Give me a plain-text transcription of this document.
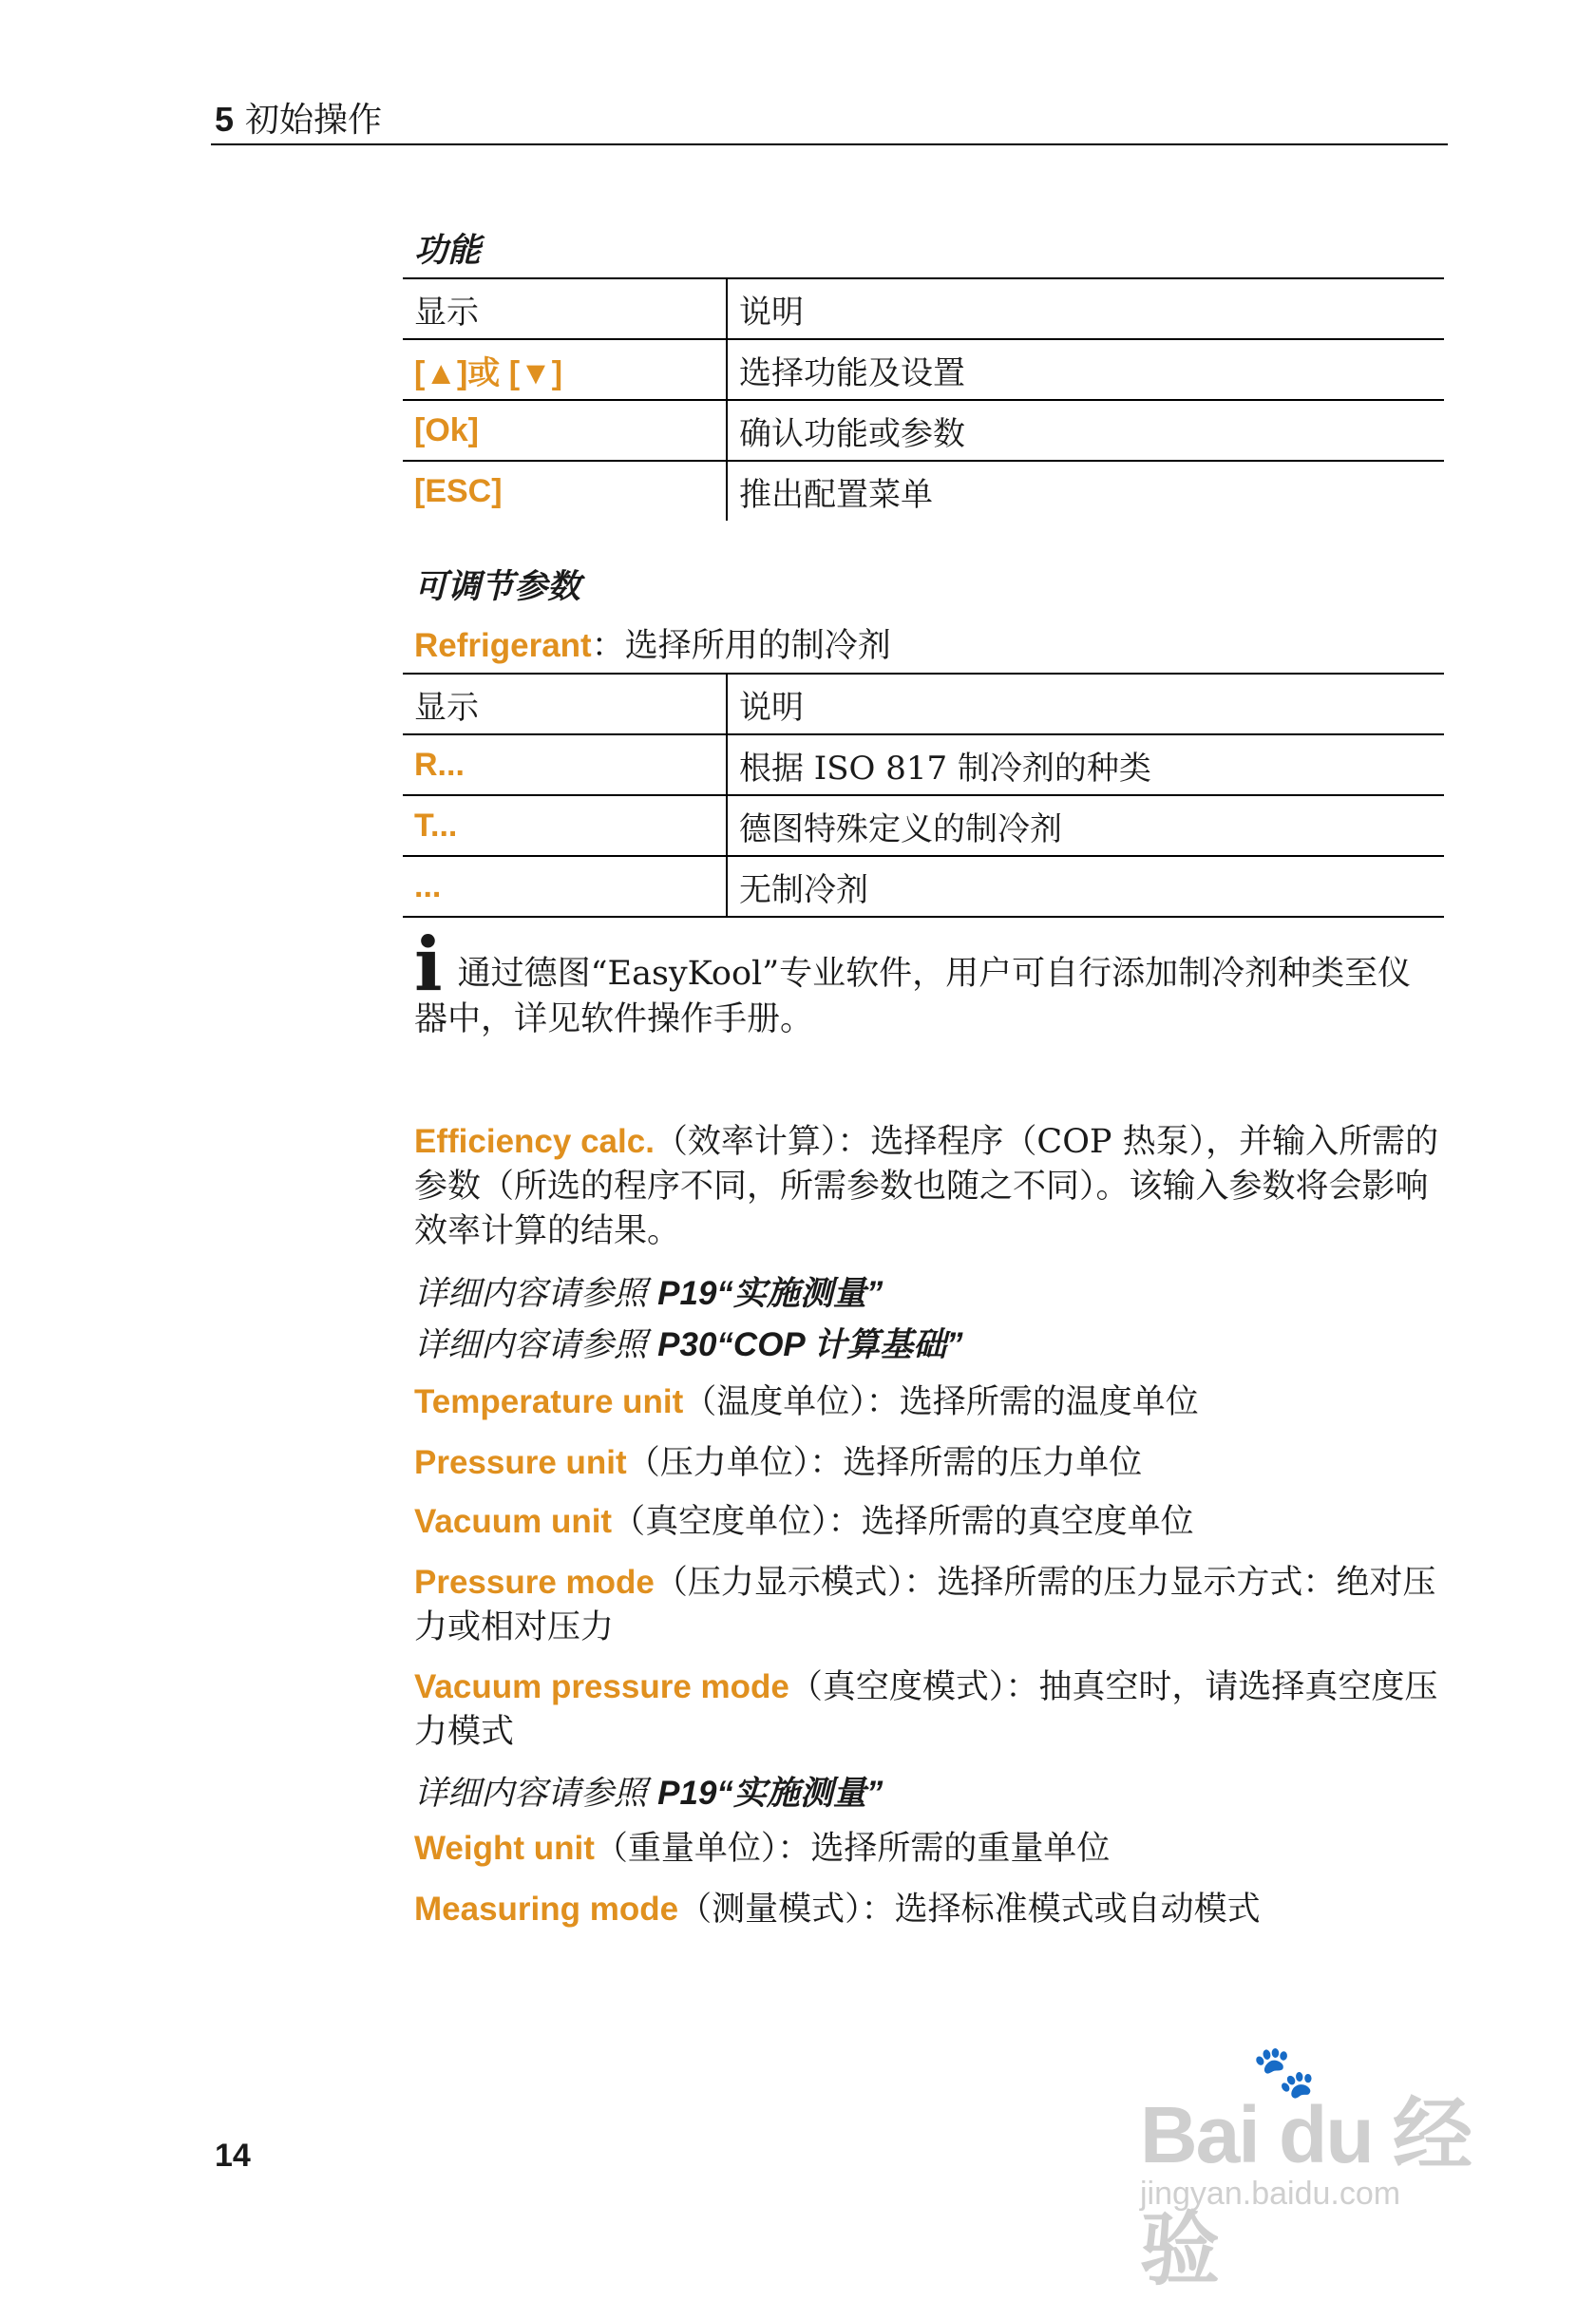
5 初始操作
功能
显示	说明
[▲]或 [▼]	选择功能及设置
[Ok]	确认功能或参数
[ESC]	推出配置菜单
可调节参数
Refrigerant：选择所用的制冷剂
显示	说明
R...	根据 ISO 817 制冷剂的种类
T...	德图特殊定义的制冷剂
...	无制冷剂
i通过德图“EasyKool”专业软件，用户可自行添加制冷剂种类至仪器中，详见软件操作手册。
Efficiency calc.（效率计算）：选择程序（COP 热泵），并输入所需的参数（所选的程序不同，所需参数也随之不同）。该输入参数将会影响效率计算的结果。
详细内容请参照 P19“实施测量”
详细内容请参照 P30“COP 计算基础”
Temperature unit（温度单位）：选择所需的温度单位
Pressure unit（压力单位）：选择所需的压力单位
Vacuum unit（真空度单位）：选择所需的真空度单位
Pressure mode（压力显示模式）：选择所需的压力显示方式：绝对压力或相对压力
Vacuum pressure mode（真空度模式）：抽真空时，请选择真空度压力模式
详细内容请参照 P19“实施测量”
Weight unit（重量单位）：选择所需的重量单位
Measuring mode（测量模式）：选择标准模式或自动模式
14
🐾
Bai du 经验
jingyan.baidu.com
